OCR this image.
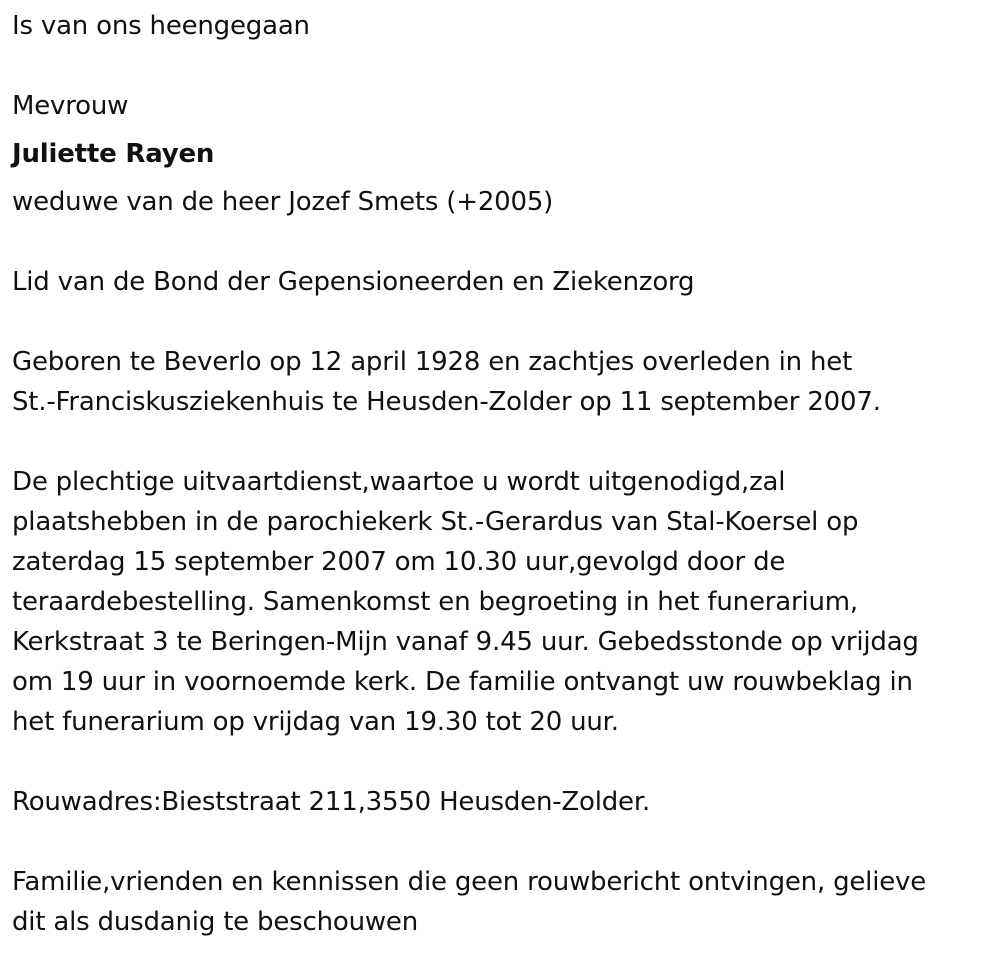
Is van ons heengegaan
Mevrouw
Juliette Rayen
weduwe van de heer Jozef Smets (+2005)
Lid van de Bond der Gepensioneerden en Ziekenzorg
Geboren te Beverlo op 12 april 1928 en zachtjes overleden in het
St.-Franciskusziekenhuis te Heusden-Zolder op 11 september 2007.
De plechtige uitvaartdienst,waartoe u wordt uitgenodigd,zal
plaatshebben in de parochiekerk St.-Gerardus van Stal-Koersel op
zaterdag 15 september 2007 om 10.30 uur,gevolgd door de
teraardebestelling. Samenkomst en begroeting in het funerarium,
Kerkstraat 3 te Beringen-Mijn vanaf 9.45 uur. Gebedsstonde op vrijdag
om 19 uur in voornoemde kerk. De familie ontvangt uw rouwbeklag in
het funerarium op vrijdag van 19.30 tot 20 uur.
Rouwadres:Bieststraat 211,3550 Heusden-Zolder.
Familie,vrienden en kennissen die geen rouwbericht ontvingen, gelieve
dit als dusdanig te beschouwen
